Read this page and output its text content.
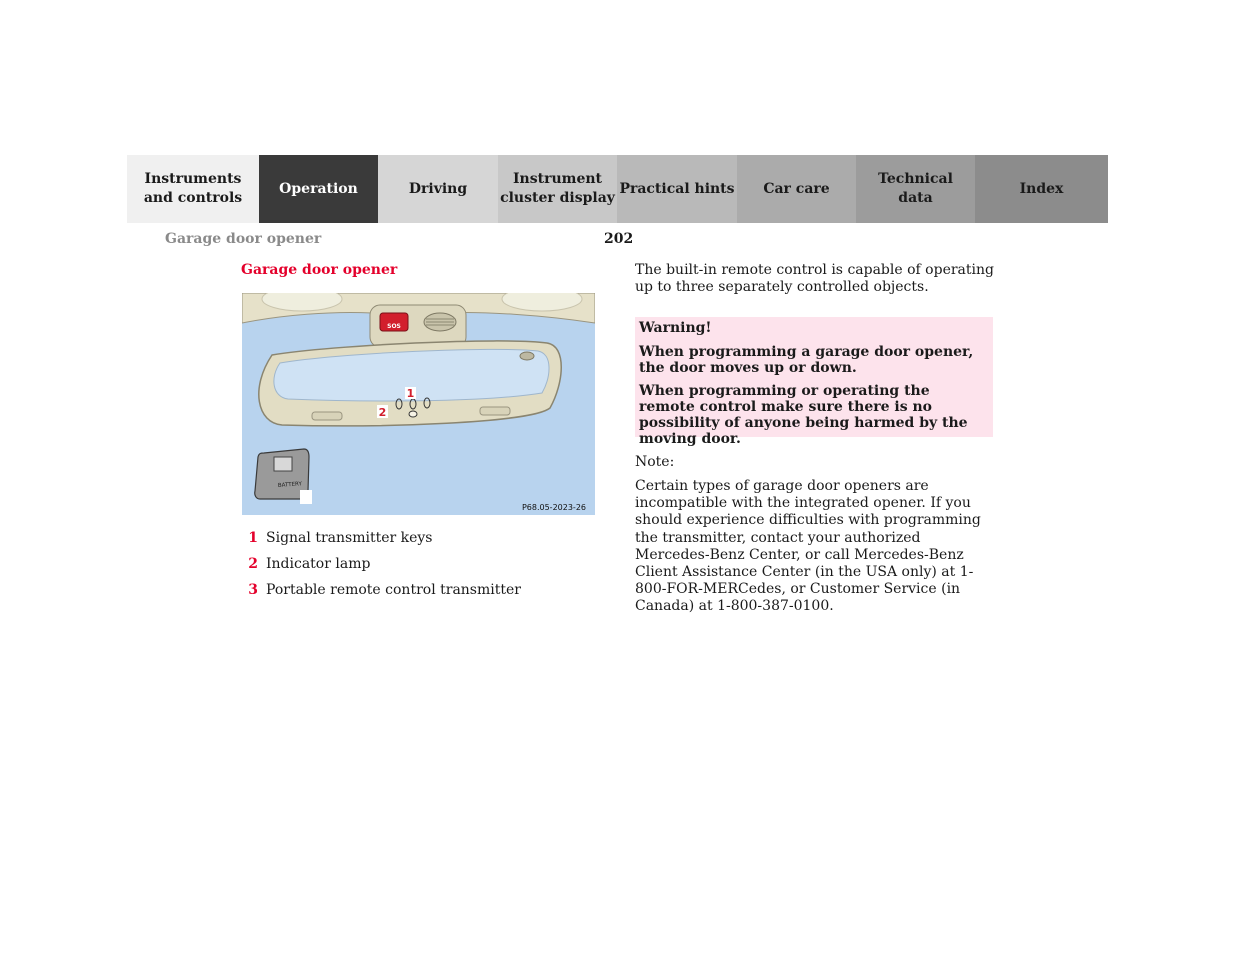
Instruments
and controls
Operation	Driving
Instrument
cluster display
Practical hints	Car care
Technical
data
Index
Garage door opener	202
Garage door opener
SOS
1
2
BATTERY
P68.05-2023-26
1 Signal transmitter keys
2 Indicator lamp
3 Portable remote control transmitter
The built-in remote control is capable of operating up to three separately controlled objects.
Warning!
When programming a garage door opener, the door moves up or down.
When programming or operating the remote control make sure there is no possibility of anyone being harmed by the moving door.
Note:
Certain types of garage door openers are incompatible with the integrated opener. If you should experience difficulties with programming the transmitter, contact your authorized Mercedes-Benz Center, or call Mercedes-Benz Client Assistance Center (in the USA only) at 1-800-FOR-MERCedes, or Customer Service (in Canada) at 1-800-387-0100.
